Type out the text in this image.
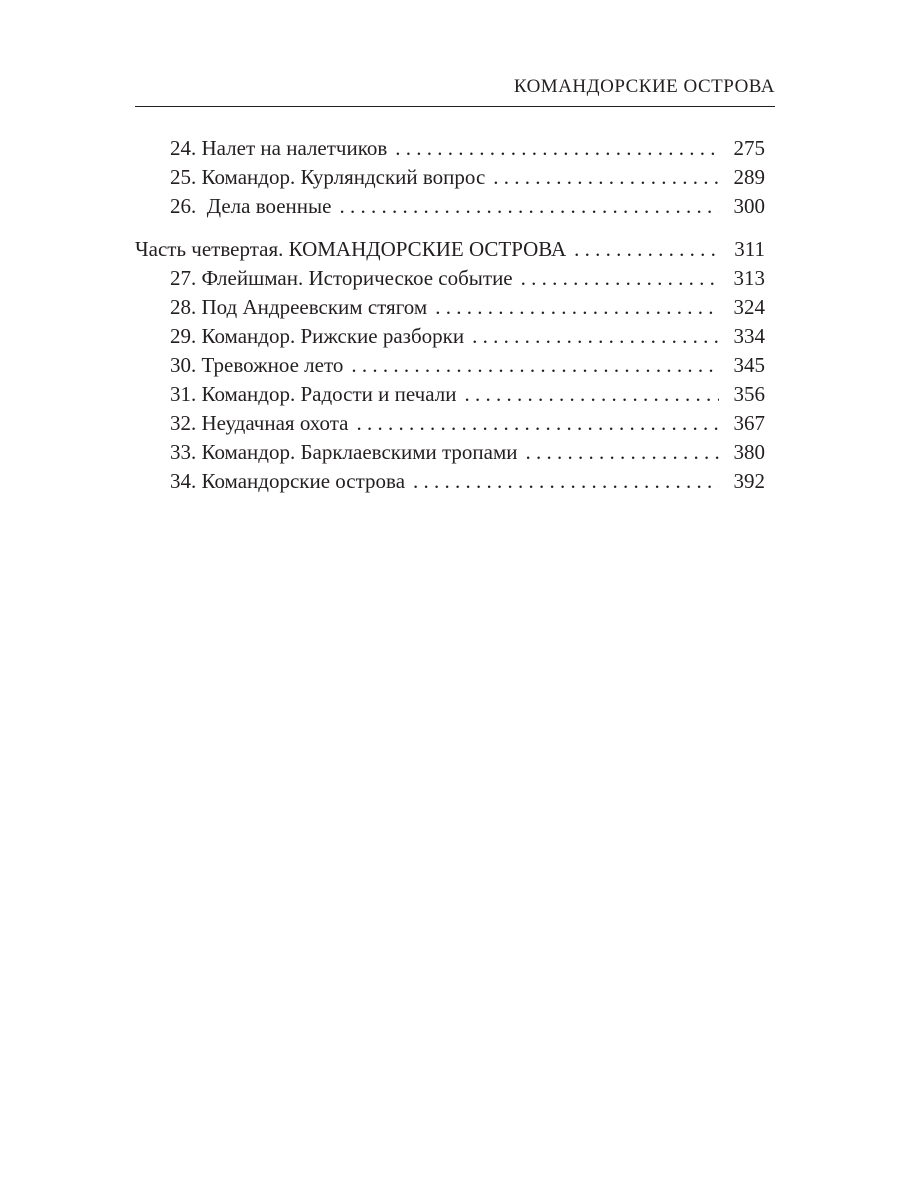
КОМАНДОРСКИЕ ОСТРОВА
24. Налет на налетчиков . . .	275
25. Командор. Курляндский вопрос . . .	289
26.  Дела военные . . .	300
Часть четвертая. КОМАНДОРСКИЕ ОСТРОВА . . .	311
27. Флейшман. Историческое событие . . .	313
28. Под Андреевским стягом . . .	324
29. Командор. Рижские разборки . . .	334
30. Тревожное лето . . .	345
31. Командор. Радости и печали . . .	356
32. Неудачная охота . . .	367
33. Командор. Барклаевскими тропами . . .	380
34. Командорские острова . . .	392
